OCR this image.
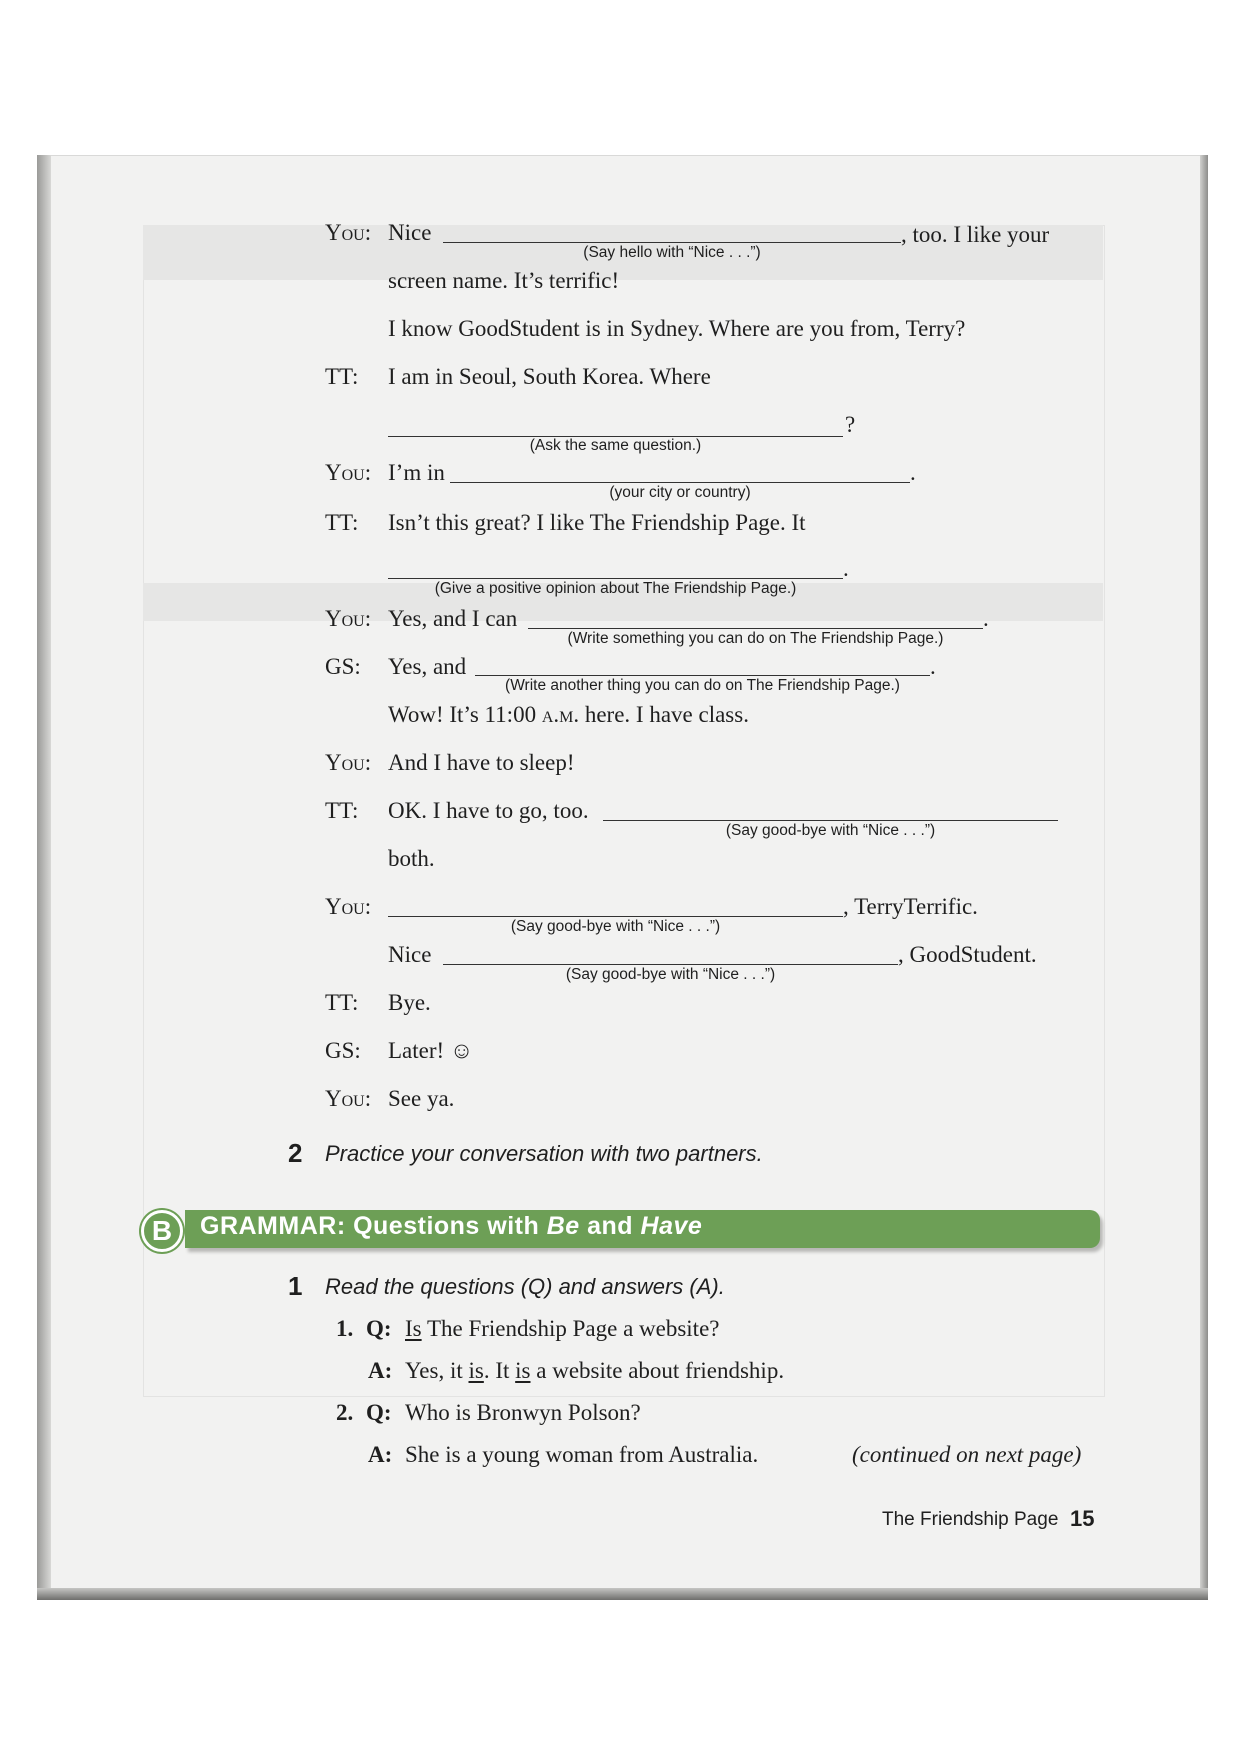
You: Nice
(Say hello with “Nice . . .”)
, too. I like your
screen name. It’s terrific!
I know GoodStudent is in Sydney. Where are you from, Terry?
TT:	I am in Seoul, South Korea. Where
?
(Ask the same question.)
You: I’m in	.
(your city or country)
TT:	Isn’t this great? I like The Friendship Page. It
.
(Give a positive opinion about The Friendship Page.)
You: Yes, and I can	.
(Write something you can do on The Friendship Page.)
GS:	Yes, and	.
(Write another thing you can do on The Friendship Page.)
Wow! It’s 11:00 a.m. here. I have class.
You: And I have to sleep!
TT:	OK. I have to go, too.
(Say good-bye with “Nice . . .”)
both.
You:
(Say good-bye with “Nice . . .”)
, TerryTerrific.
Nice
(Say good-bye with “Nice . . .”)
, GoodStudent.
TT:	Bye.
GS:	Later! ☺
You: See ya.
2 Practice your conversation with two partners.
B	GRAMMAR: Questions with Be and Have
1 Read the questions (Q) and answers (A).
1. Q: Is The Friendship Page a website?
A: Yes, it is. It is a website about friendship.
2. Q: Who is Bronwyn Polson?
A: She is a young woman from Australia.	(continued on next page)
The Friendship Page 15
